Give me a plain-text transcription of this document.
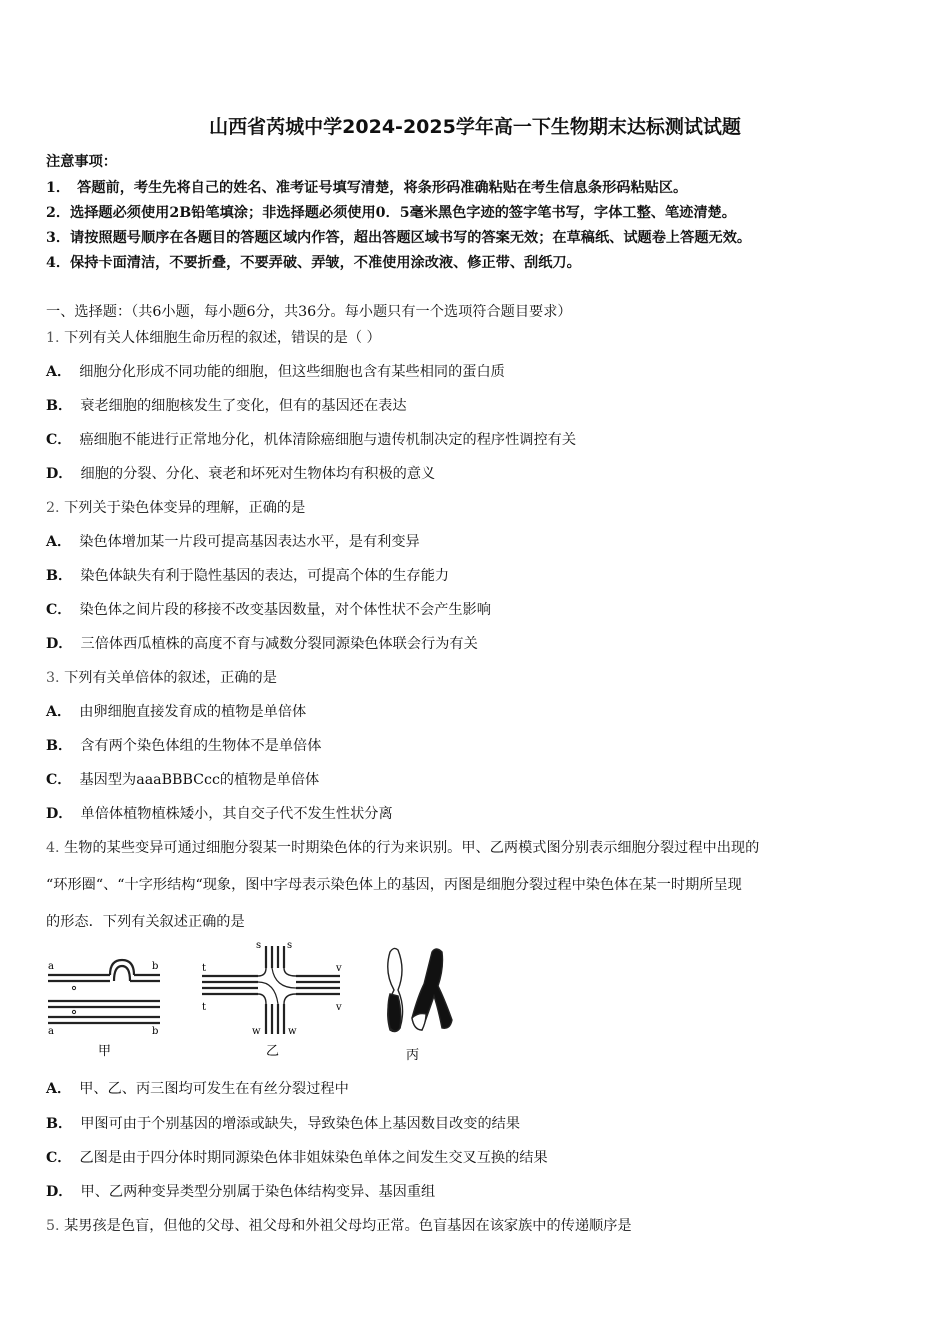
山西省芮城中学2024-2025学年高一下生物期末达标测试试题
注意事项：
1．　答题前，考生先将自己的姓名、准考证号填写清楚，将条形码准确粘贴在考生信息条形码粘贴区。
2．选择题必须使用2B铅笔填涂；非选择题必须使用0．5毫米黑色字迹的签字笔书写，字体工整、笔迹清楚。
3．请按照题号顺序在各题目的答题区域内作答，超出答题区域书写的答案无效；在草稿纸、试题卷上答题无效。
4．保持卡面清洁，不要折叠，不要弄破、弄皱，不准使用涂改液、修正带、刮纸刀。
一、选择题：（共6小题，每小题6分，共36分。每小题只有一个选项符合题目要求）
1. 下列有关人体细胞生命历程的叙述，错误的是（ ）
A． 细胞分化形成不同功能的细胞，但这些细胞也含有某些相同的蛋白质
B． 衰老细胞的细胞核发生了变化，但有的基因还在表达
C． 癌细胞不能进行正常地分化，机体清除癌细胞与遗传机制决定的程序性调控有关
D． 细胞的分裂、分化、衰老和坏死对生物体均有积极的意义
2. 下列关于染色体变异的理解，正确的是
A． 染色体增加某一片段可提高基因表达水平，是有利变异
B． 染色体缺失有利于隐性基因的表达，可提高个体的生存能力
C． 染色体之间片段的移接不改变基因数量，对个体性状不会产生影响
D． 三倍体西瓜植株的高度不育与减数分裂同源染色体联会行为有关
3. 下列有关单倍体的叙述，正确的是
A． 由卵细胞直接发育成的植物是单倍体
B． 含有两个染色体组的生物体不是单倍体
C． 基因型为aaaBBBCcc的植物是单倍体
D． 单倍体植物植株矮小，其自交子代不发生性状分离
4. 生物的某些变异可通过细胞分裂某一时期染色体的行为来识别。甲、乙两模式图分别表示细胞分裂过程中出现的
“环形圈“、“十字形结构“现象，图中字母表示染色体上的基因，丙图是细胞分裂过程中染色体在某一时期所呈现
的形态．下列有关叙述正确的是
a
a
b
b
甲
s	s
t
t
v
v
w	w
乙	丙
A． 甲、乙、丙三图均可发生在有丝分裂过程中
B． 甲图可由于个别基因的增添或缺失，导致染色体上基因数目改变的结果
C． 乙图是由于四分体时期同源染色体非姐妹染色单体之间发生交叉互换的结果
D． 甲、乙两种变异类型分别属于染色体结构变异、基因重组
5. 某男孩是色盲，但他的父母、祖父母和外祖父母均正常。色盲基因在该家族中的传递顺序是
